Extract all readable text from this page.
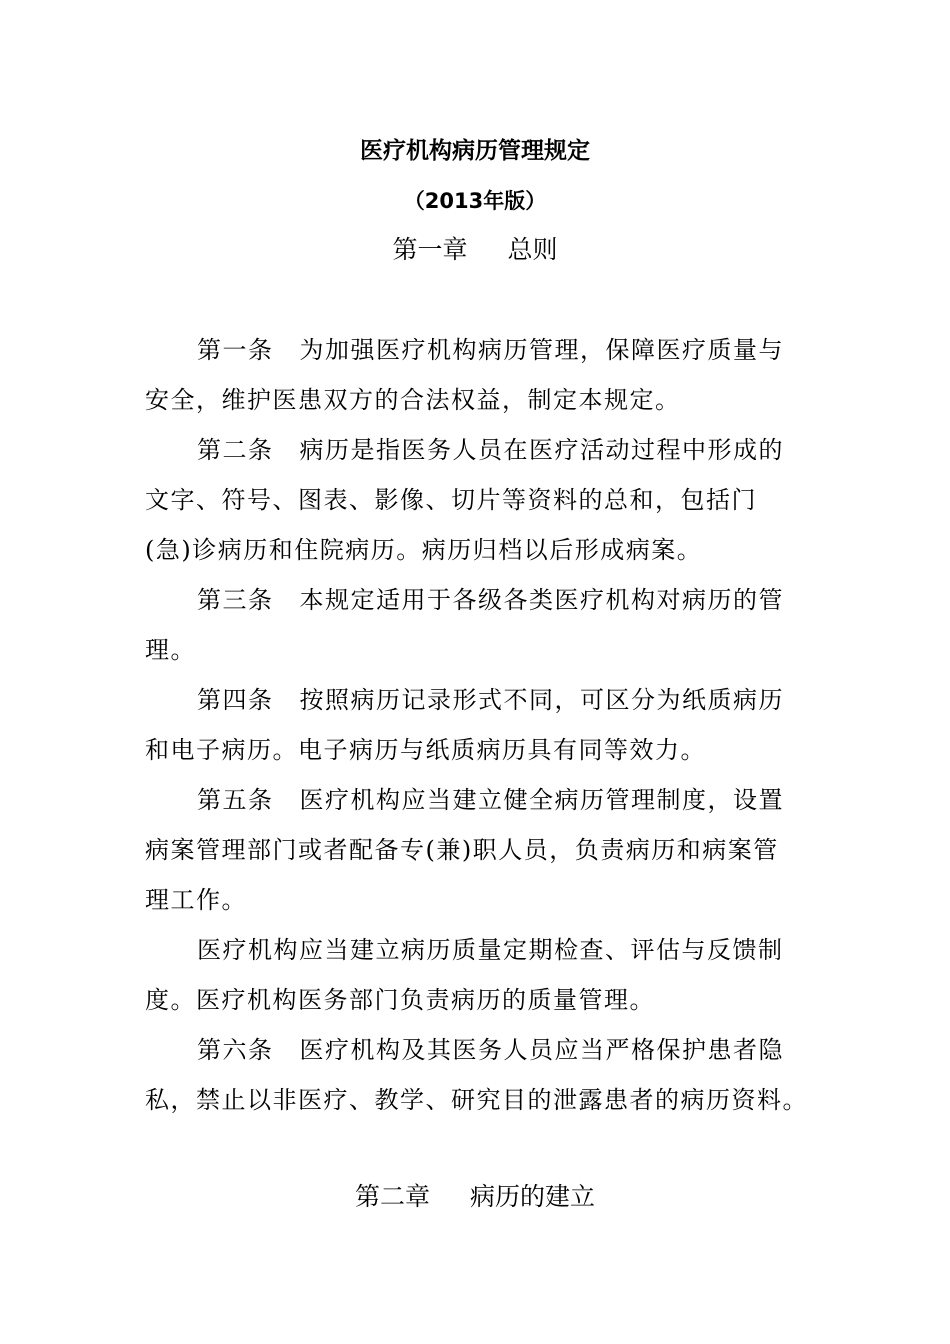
医疗机构病历管理规定
（2013年版）
第一章 总则
第一条 为加强医疗机构病历管理，保障医疗质量与
安全，维护医患双方的合法权益，制定本规定。
第二条 病历是指医务人员在医疗活动过程中形成的
文字、符号、图表、影像、切片等资料的总和，包括门
(急)诊病历和住院病历。病历归档以后形成病案。
第三条 本规定适用于各级各类医疗机构对病历的管
理。
第四条 按照病历记录形式不同，可区分为纸质病历
和电子病历。电子病历与纸质病历具有同等效力。
第五条 医疗机构应当建立健全病历管理制度，设置
病案管理部门或者配备专(兼)职人员，负责病历和病案管
理工作。
医疗机构应当建立病历质量定期检查、评估与反馈制
度。医疗机构医务部门负责病历的质量管理。
第六条 医疗机构及其医务人员应当严格保护患者隐
私，禁止以非医疗、教学、研究目的泄露患者的病历资料。
第二章 病历的建立
